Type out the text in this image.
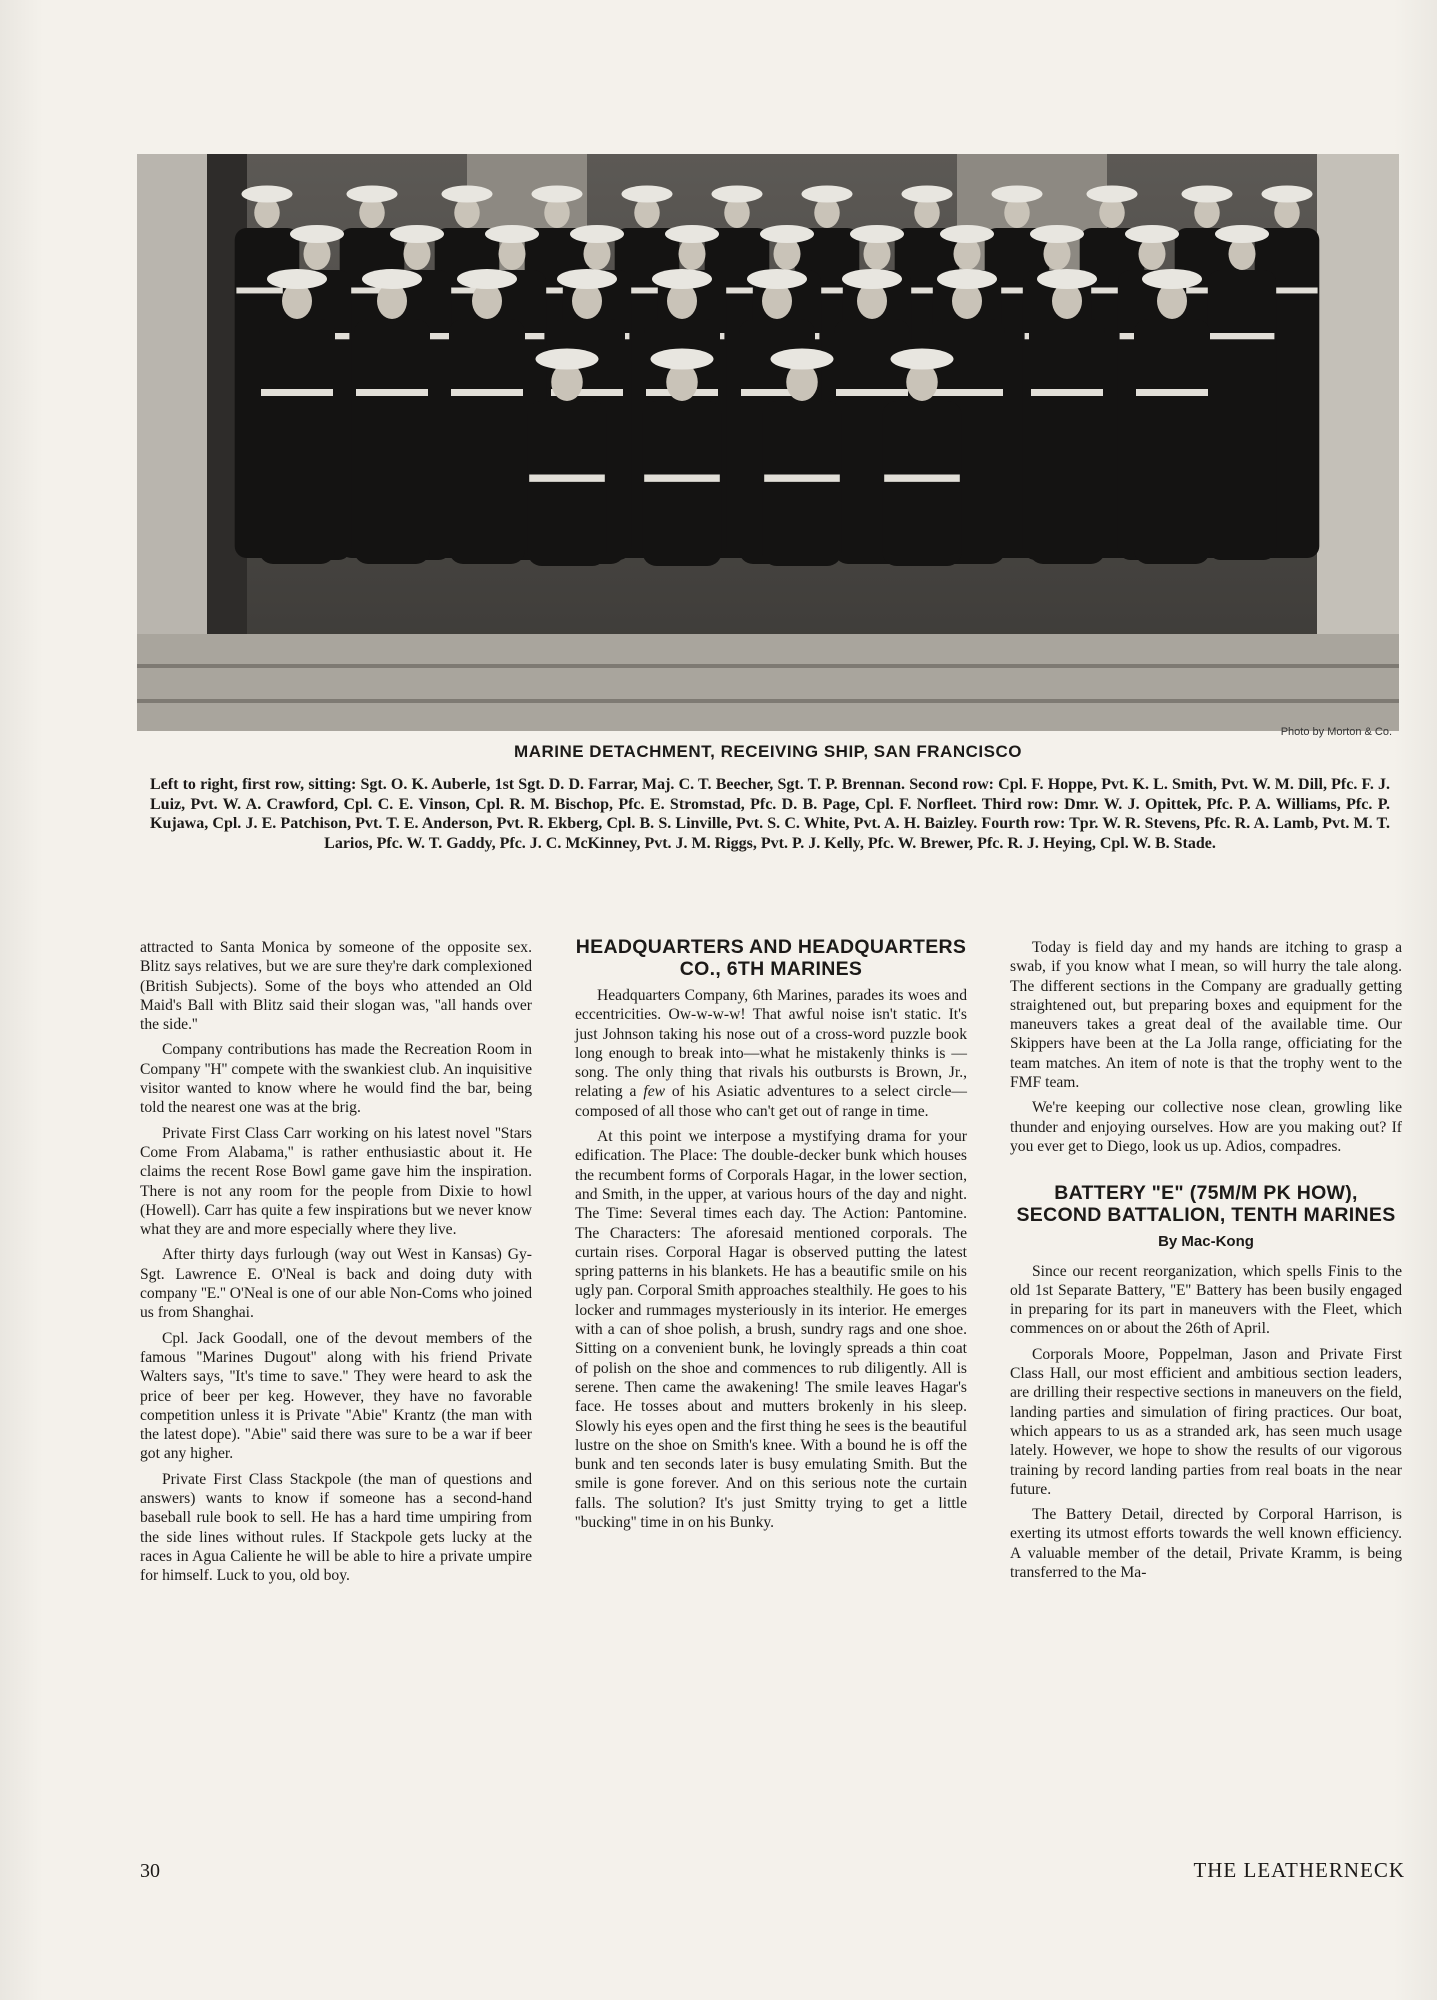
Photo by Morton & Co.
MARINE DETACHMENT, RECEIVING SHIP, SAN FRANCISCO
Left to right, first row, sitting: Sgt. O. K. Auberle, 1st Sgt. D. D. Farrar, Maj. C. T. Beecher, Sgt. T. P. Brennan. Second row: Cpl. F. Hoppe, Pvt. K. L. Smith, Pvt. W. M. Dill, Pfc. F. J. Luiz, Pvt. W. A. Crawford, Cpl. C. E. Vinson, Cpl. R. M. Bischop, Pfc. E. Stromstad, Pfc. D. B. Page, Cpl. F. Norfleet. Third row: Dmr. W. J. Opittek, Pfc. P. A. Williams, Pfc. P. Kujawa, Cpl. J. E. Patchison, Pvt. T. E. Anderson, Pvt. R. Ekberg, Cpl. B. S. Linville, Pvt. S. C. White, Pvt. A. H. Baizley. Fourth row: Tpr. W. R. Stevens, Pfc. R. A. Lamb, Pvt. M. T. Larios, Pfc. W. T. Gaddy, Pfc. J. C. McKinney, Pvt. J. M. Riggs, Pvt. P. J. Kelly, Pfc. W. Brewer, Pfc. R. J. Heying, Cpl. W. B. Stade.

attracted to Santa Monica by someone of the opposite sex. Blitz says relatives, but we are sure they're dark complexioned (British Subjects). Some of the boys who attended an Old Maid's Ball with Blitz said their slogan was, ''all hands over the side.''

Company contributions has made the Recreation Room in Company ''H'' compete with the swankiest club. An inquisitive visitor wanted to know where he would find the bar, being told the nearest one was at the brig.

Private First Class Carr working on his latest novel ''Stars Come From Alabama,'' is rather enthusiastic about it. He claims the recent Rose Bowl game gave him the inspiration. There is not any room for the people from Dixie to howl (Howell). Carr has quite a few inspirations but we never know what they are and more especially where they live.

After thirty days furlough (way out West in Kansas) Gy-Sgt. Lawrence E. O'Neal is back and doing duty with company ''E.'' O'Neal is one of our able Non-Coms who joined us from Shanghai.

Cpl. Jack Goodall, one of the devout members of the famous ''Marines Dugout'' along with his friend Private Walters says, ''It's time to save.'' They were heard to ask the price of beer per keg. However, they have no favorable competition unless it is Private ''Abie'' Krantz (the man with the latest dope). ''Abie'' said there was sure to be a war if beer got any higher.

Private First Class Stackpole (the man of questions and answers) wants to know if someone has a second-hand baseball rule book to sell. He has a hard time umpiring from the side lines without rules. If Stackpole gets lucky at the races in Agua Caliente he will be able to hire a private umpire for himself. Luck to you, old boy.

HEADQUARTERS AND HEADQUARTERS CO., 6TH MARINES

Headquarters Company, 6th Marines, parades its woes and eccentricities. Ow-w-w-w! That awful noise isn't static. It's just Johnson taking his nose out of a cross-word puzzle book long enough to break into—what he mistakenly thinks is —song. The only thing that rivals his outbursts is Brown, Jr., relating a few of his Asiatic adventures to a select circle—composed of all those who can't get out of range in time.

At this point we interpose a mystifying drama for your edification. The Place: The double-decker bunk which houses the recumbent forms of Corporals Hagar, in the lower section, and Smith, in the upper, at various hours of the day and night. The Time: Several times each day. The Action: Pantomine. The Characters: The aforesaid mentioned corporals. The curtain rises. Corporal Hagar is observed putting the latest spring patterns in his blankets. He has a beautific smile on his ugly pan. Corporal Smith approaches stealthily. He goes to his locker and rummages mysteriously in its interior. He emerges with a can of shoe polish, a brush, sundry rags and one shoe. Sitting on a convenient bunk, he lovingly spreads a thin coat of polish on the shoe and commences to rub diligently. All is serene. Then came the awakening! The smile leaves Hagar's face. He tosses about and mutters brokenly in his sleep. Slowly his eyes open and the first thing he sees is the beautiful lustre on the shoe on Smith's knee. With a bound he is off the bunk and ten seconds later is busy emulating Smith. But the smile is gone forever. And on this serious note the curtain falls. The solution? It's just Smitty trying to get a little ''bucking'' time in on his Bunky.

Today is field day and my hands are itching to grasp a swab, if you know what I mean, so will hurry the tale along. The different sections in the Company are gradually getting straightened out, but preparing boxes and equipment for the maneuvers takes a great deal of the available time. Our Skippers have been at the La Jolla range, officiating for the team matches. An item of note is that the trophy went to the FMF team.

We're keeping our collective nose clean, growling like thunder and enjoying ourselves. How are you making out? If you ever get to Diego, look us up. Adios, compadres.

BATTERY "E" (75M/M PK HOW), SECOND BATTALION, TENTH MARINES
By Mac-Kong

Since our recent reorganization, which spells Finis to the old 1st Separate Battery, ''E'' Battery has been busily engaged in preparing for its part in maneuvers with the Fleet, which commences on or about the 26th of April.

Corporals Moore, Poppelman, Jason and Private First Class Hall, our most efficient and ambitious section leaders, are drilling their respective sections in maneuvers on the field, landing parties and simulation of firing practices. Our boat, which appears to us as a stranded ark, has seen much usage lately. However, we hope to show the results of our vigorous training by record landing parties from real boats in the near future.

The Battery Detail, directed by Corporal Harrison, is exerting its utmost efforts towards the well known efficiency. A valuable member of the detail, Private Kramm, is being transferred to the Ma-

30	THE LEATHERNECK
